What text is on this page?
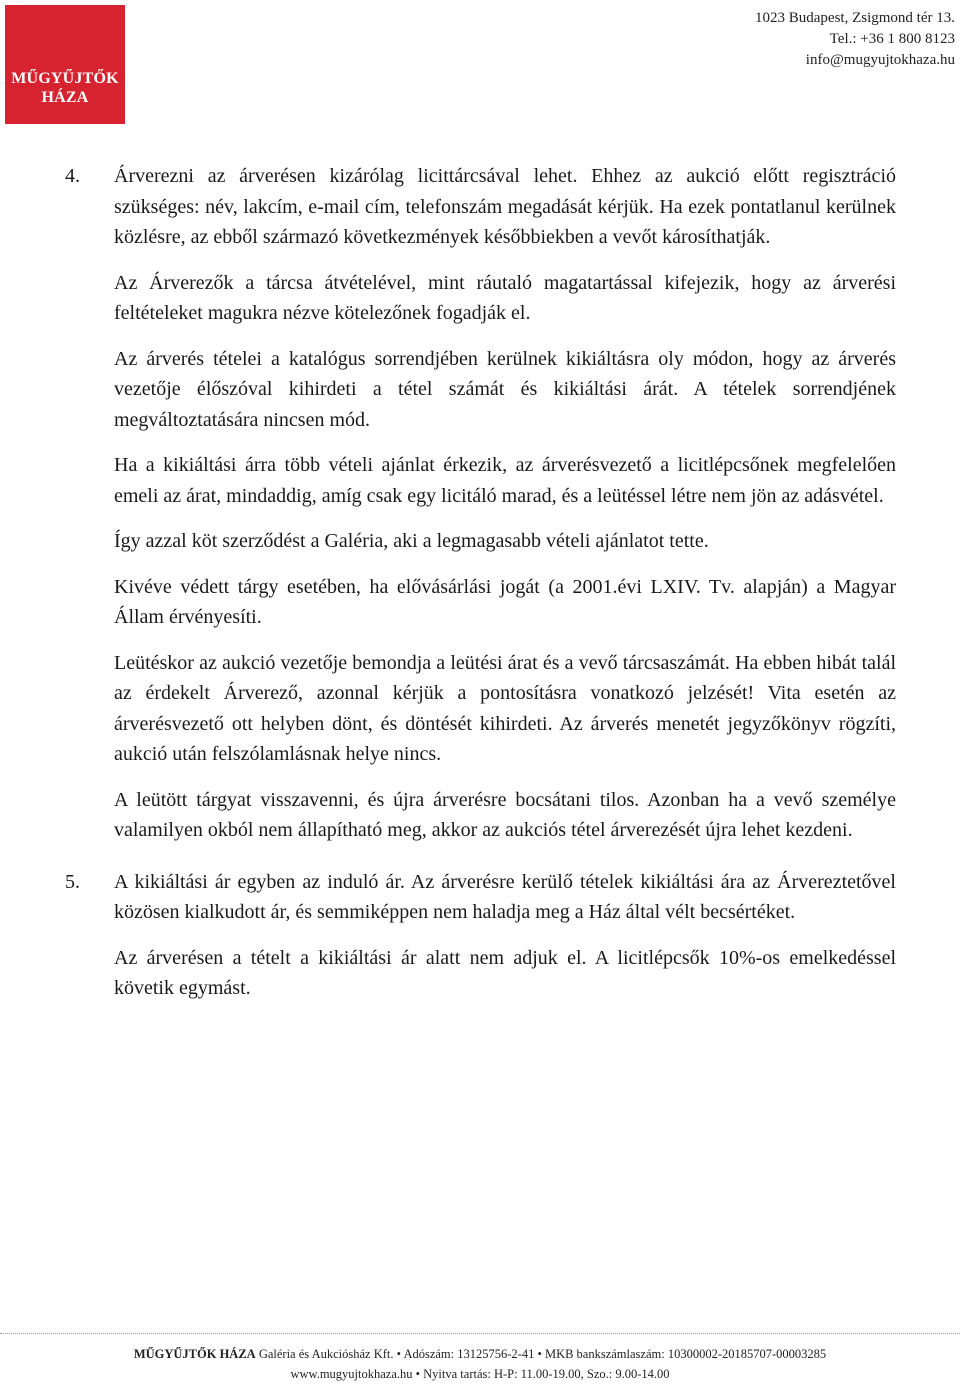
MŰGYŰJTŐK
HÁZA
1023 Budapest, Zsigmond tér 13.
Tel.: +36 1 800 8123
info@mugyujtokhaza.hu
4.	Árverezni az árverésen kizárólag licittárcsával lehet. Ehhez az aukció előtt regisztráció szükséges: név, lakcím, e-mail cím, telefonszám megadását kérjük. Ha ezek pontatlanul kerülnek közlésre, az ebből származó következmények későbbiekben a vevőt károsíthatják.

Az Árverezők a tárcsa átvételével, mint ráutaló magatartással kifejezik, hogy az árverési feltételeket magukra nézve kötelezőnek fogadják el.

Az árverés tételei a katalógus sorrendjében kerülnek kikiáltásra oly módon, hogy az árverés vezetője élőszóval kihirdeti a tétel számát és kikiáltási árát. A tételek sorrendjének megváltoztatására nincsen mód.

Ha a kikiáltási árra több vételi ajánlat érkezik, az árverésvezető a licitlépcsőnek megfelelően emeli az árat, mindaddig, amíg csak egy licitáló marad, és a leütéssel létre nem jön az adásvétel.

Így azzal köt szerződést a Galéria, aki a legmagasabb vételi ajánlatot tette.

Kivéve védett tárgy esetében, ha elővásárlási jogát (a 2001.évi LXIV. Tv. alapján) a Magyar Állam érvényesíti.

Leütéskor az aukció vezetője bemondja a leütési árat és a vevő tárcsaszámát. Ha ebben hibát talál az érdekelt Árverező, azonnal kérjük a pontosításra vonatkozó jelzését! Vita esetén az árverésvezető ott helyben dönt, és döntését kihirdeti. Az árverés menetét jegyzőkönyv rögzíti, aukció után felszólamlásnak helye nincs.

A leütött tárgyat visszavenni, és újra árverésre bocsátani tilos. Azonban ha a vevő személye valamilyen okból nem állapítható meg, akkor az aukciós tétel árverezését újra lehet kezdeni.

5.	A kikiáltási ár egyben az induló ár. Az árverésre kerülő tételek kikiáltási ára az Árvereztetővel közösen kialkudott ár, és semmiképpen nem haladja meg a Ház által vélt becsértéket.

Az árverésen a tételt a kikiáltási ár alatt nem adjuk el. A licitlépcsők 10%-os emelkedéssel követik egymást.

MŰGYŰJTŐK HÁZA Galéria és Aukciósház Kft. • Adószám: 13125756-2-41 • MKB bankszámlaszám: 10300002-20185707-00003285
www.mugyujtokhaza.hu • Nyitva tartás: H-P: 11.00-19.00, Szo.: 9.00-14.00
